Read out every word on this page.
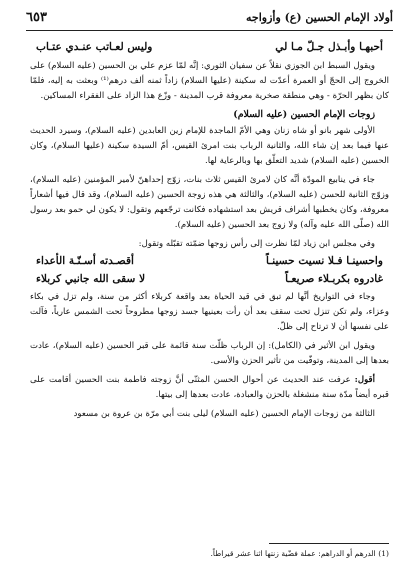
أولاد الإمام الحسين (ع) وأزواجه
٦٥٣
أحبهـا وأبـذل جـلّ مـا لي
وليس لعـاتب عنـدي عتـاب

ويقول السبط ابن الجوزي نقلاً عن سفيان الثوري: إنَّه لمّا عزم علي بن الحسين (عليه السلام) على الخروج إلى الحجّ أو العمرة أعدّت له سكينة (عليها السلام) زاداً ثمنه ألف درهم⁽¹⁾ وبعثت به إليه، فلمّا كان بظهر الحرّة - وهي منطقة صخرية معروفة قرب المدينة - وزّع هذا الزاد على الفقراء المساكين.

زوجات الإمام الحسين (عليه السلام)

الأولى شهر بانو أو شاه زنان وهي الأمّ الماجدة للإمام زين العابدين (عليه السلام)، وسيرد الحديث عنها فيما بعد إن شاء الله، والثانية الرباب بنت امرئ القيس، أمّ السيدة سكينة (عليها السلام)، وكان الحسين (عليه السلام) شديد التعلّق بها وبالرعاية لها.

جاء في ينابيع المودّة أنَّه كان لامرئ القيس ثلاث بنات، زوّج إحداهنّ لأمير المؤمنين (عليه السلام)، وزوّج الثانية للحسن (عليه السلام)، والثالثة هي هذه زوجة الحسين (عليه السلام)، وقد قال فيها أشعاراً معروفة، وكان يخطبها أشراف قريش بعد استشهاده فكانت ترجّعهم وتقول: لا يكون لي حمو بعد رسول الله (صلّى الله عليه وآله) ولا زوج بعد الحسين (عليه السلام).

وفي مجلس ابن زياد لمّا نظرت إلى رأس زوجها ضمّته تقبّله وتقول:

واحسينـا فـلا نسيت حسينـاً
أقصـدته أسـنّـة الأعداء
غادروه بكربـلاء صريعـاً
لا سقى الله جانبي كربلاء

وجاء في التواريخ أنَّها لم تبق في قيد الحياة بعد واقعة كربلاء أكثر من سنة، ولم تزل في بكاء وعزاء، ولم تكن تنزل تحت سقف بعد أن رأت بعينيها جسد زوجها مطروحاً تحت الشمس عارياً، فآلت على نفسها أن لا ترتاح إلى ظلّ.

ويقول ابن الأثير في (الكامل): إن الرباب ظلّت سنة قائمة على قبر الحسين (عليه السلام)، عادت بعدها إلى المدينة، وتوفّيت من تأثير الحزن والأسى.

أقول: عرفت عند الحديث عن أحوال الحسن المثنّى أنَّ زوجته فاطمة بنت الحسين أقامت على قبره أيضاً مدّة سنة منشغلة بالحزن والعبادة، عادت بعدها إلى بيتها.

الثالثة من زوجات الإمام الحسين (عليه السلام) ليلى بنت أبي مرّة بن عروة بن مسعود

(1) الدرهم أو الدراهم: عملة فضّية زنتها اثنا عشر قيراطاً.
